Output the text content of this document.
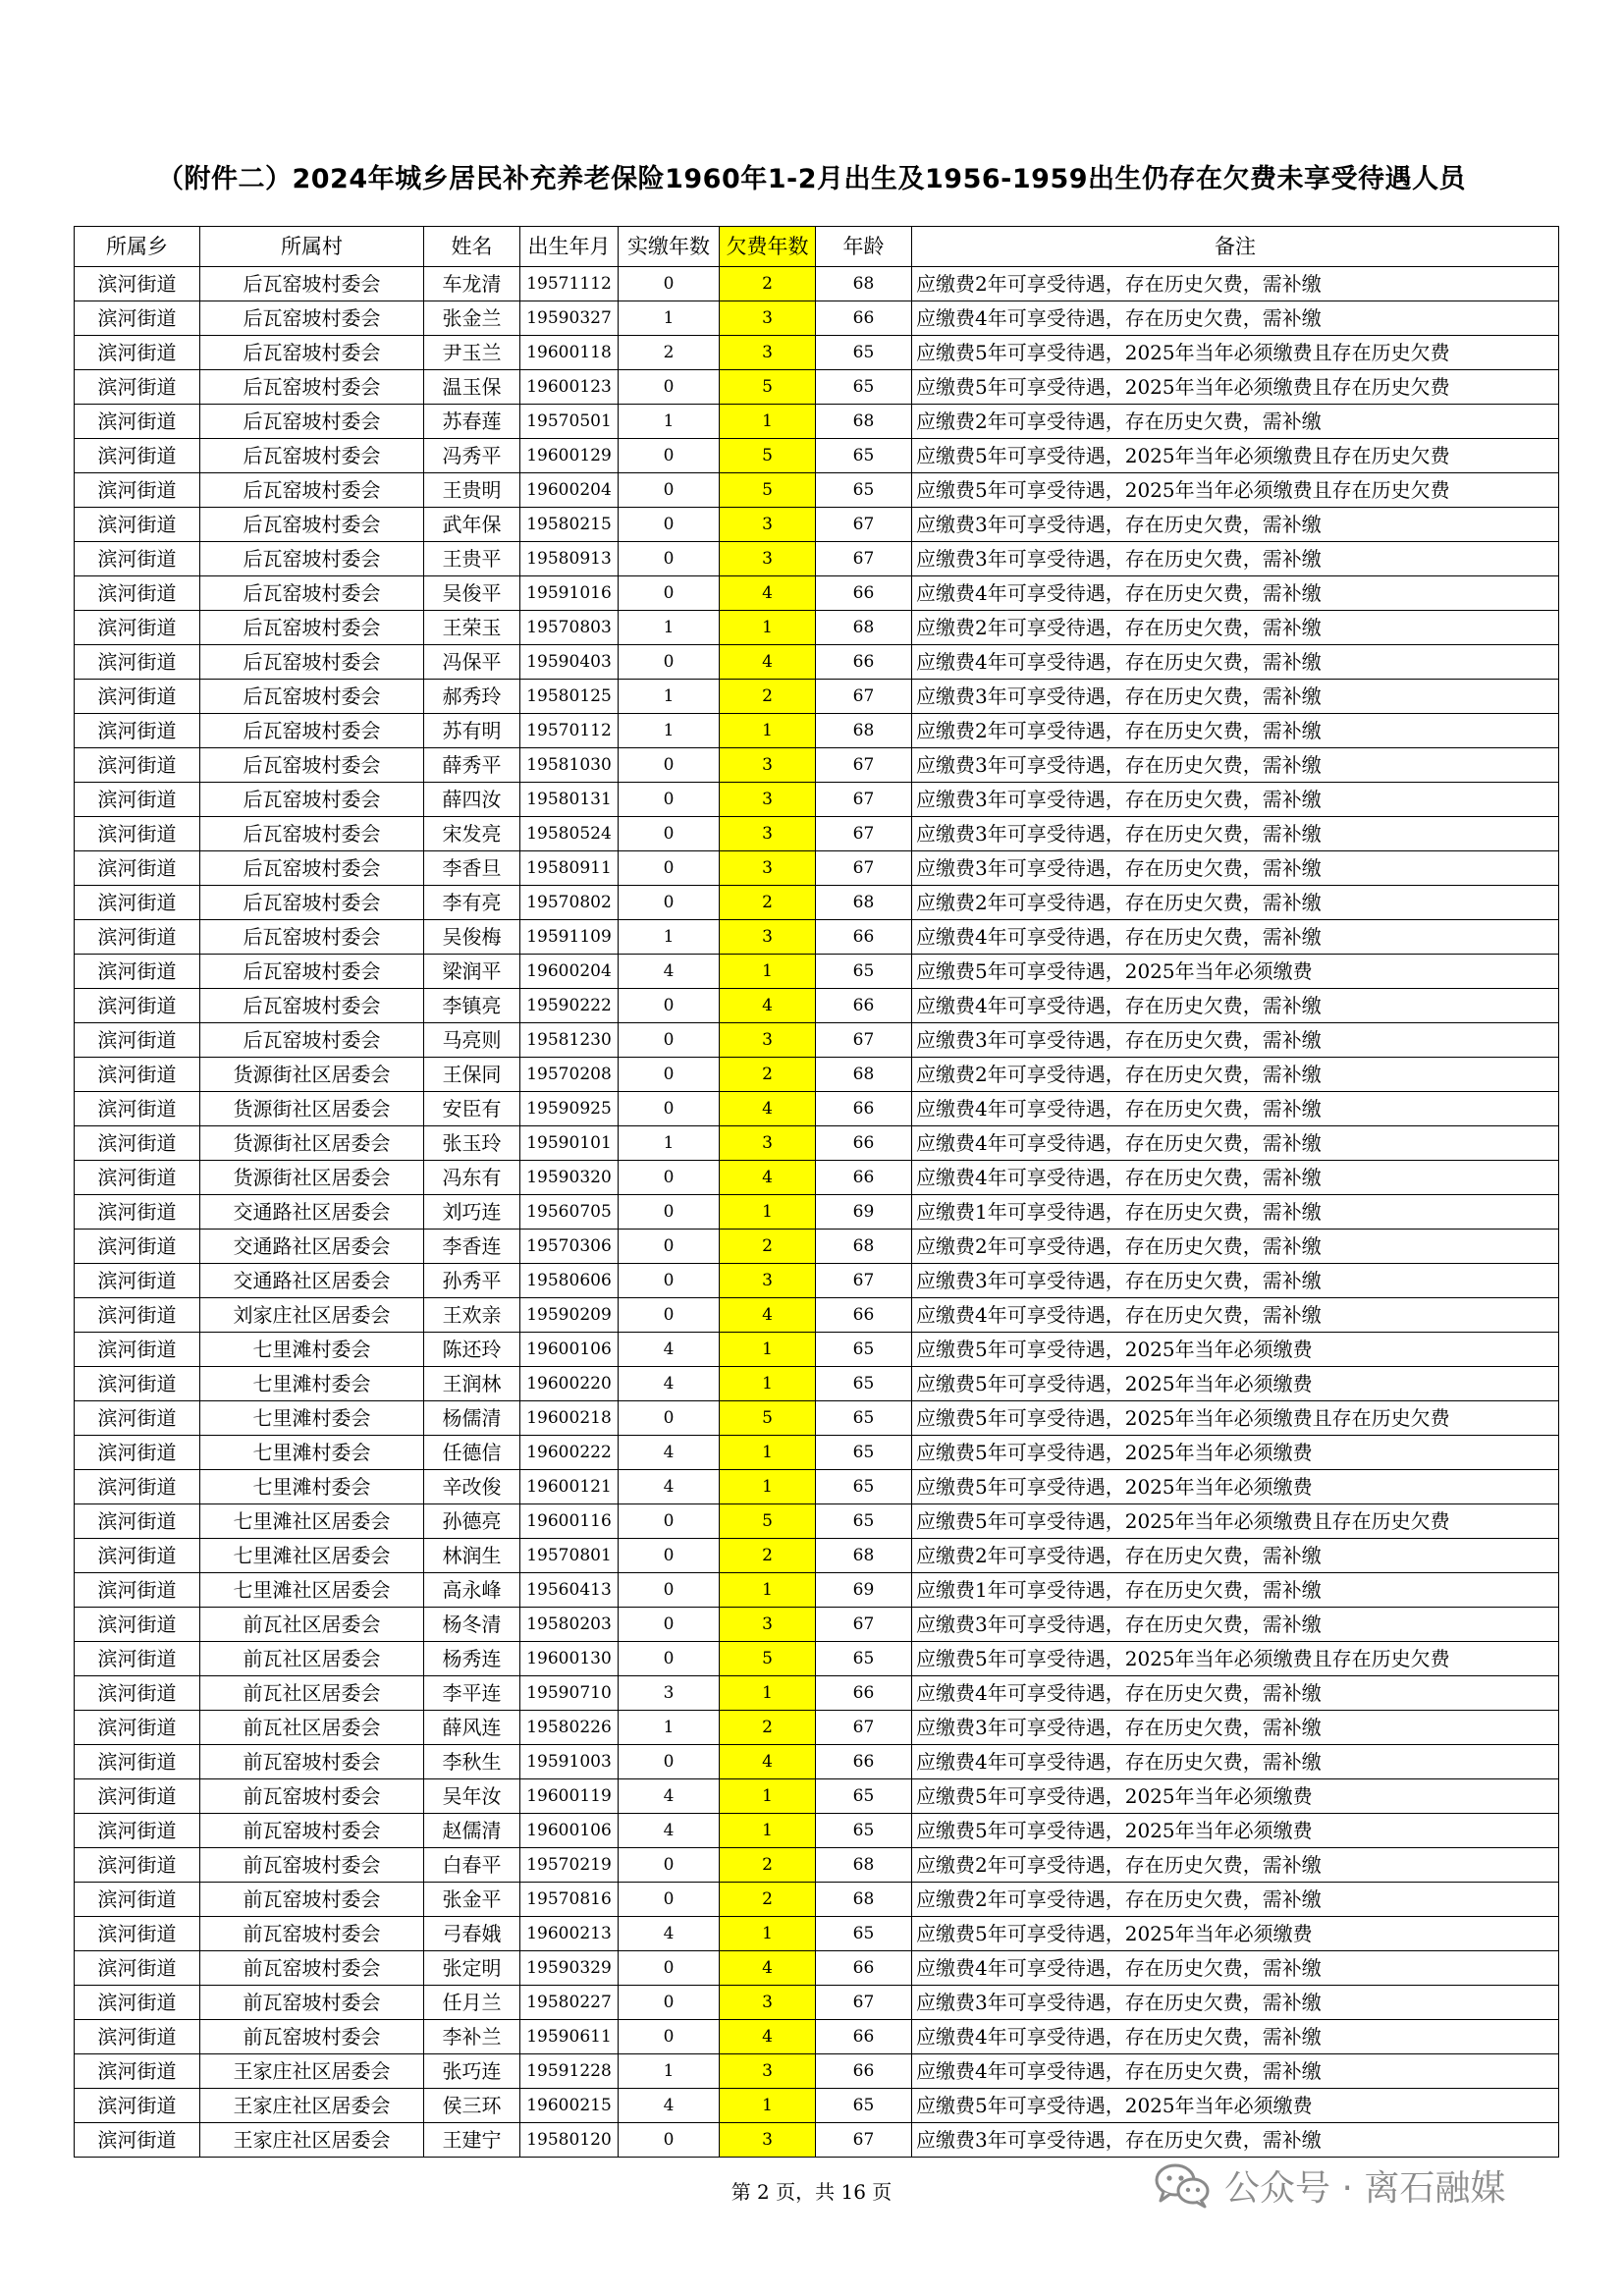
（附件二）2024年城乡居民补充养老保险1960年1-2月出生及1956-1959出生仍存在欠费未享受待遇人员
所属乡	所属村	姓名	出生年月	实缴年数	欠费年数	年龄	备注
滨河街道	后瓦窑坡村委会	车龙清	19571112	0	2	68	应缴费2年可享受待遇，存在历史欠费，需补缴
滨河街道	后瓦窑坡村委会	张金兰	19590327	1	3	66	应缴费4年可享受待遇，存在历史欠费，需补缴
滨河街道	后瓦窑坡村委会	尹玉兰	19600118	2	3	65	应缴费5年可享受待遇，2025年当年必须缴费且存在历史欠费
滨河街道	后瓦窑坡村委会	温玉保	19600123	0	5	65	应缴费5年可享受待遇，2025年当年必须缴费且存在历史欠费
滨河街道	后瓦窑坡村委会	苏春莲	19570501	1	1	68	应缴费2年可享受待遇，存在历史欠费，需补缴
滨河街道	后瓦窑坡村委会	冯秀平	19600129	0	5	65	应缴费5年可享受待遇，2025年当年必须缴费且存在历史欠费
滨河街道	后瓦窑坡村委会	王贵明	19600204	0	5	65	应缴费5年可享受待遇，2025年当年必须缴费且存在历史欠费
滨河街道	后瓦窑坡村委会	武年保	19580215	0	3	67	应缴费3年可享受待遇，存在历史欠费，需补缴
滨河街道	后瓦窑坡村委会	王贵平	19580913	0	3	67	应缴费3年可享受待遇，存在历史欠费，需补缴
滨河街道	后瓦窑坡村委会	吴俊平	19591016	0	4	66	应缴费4年可享受待遇，存在历史欠费，需补缴
滨河街道	后瓦窑坡村委会	王荣玉	19570803	1	1	68	应缴费2年可享受待遇，存在历史欠费，需补缴
滨河街道	后瓦窑坡村委会	冯保平	19590403	0	4	66	应缴费4年可享受待遇，存在历史欠费，需补缴
滨河街道	后瓦窑坡村委会	郝秀玲	19580125	1	2	67	应缴费3年可享受待遇，存在历史欠费，需补缴
滨河街道	后瓦窑坡村委会	苏有明	19570112	1	1	68	应缴费2年可享受待遇，存在历史欠费，需补缴
滨河街道	后瓦窑坡村委会	薛秀平	19581030	0	3	67	应缴费3年可享受待遇，存在历史欠费，需补缴
滨河街道	后瓦窑坡村委会	薛四汝	19580131	0	3	67	应缴费3年可享受待遇，存在历史欠费，需补缴
滨河街道	后瓦窑坡村委会	宋发亮	19580524	0	3	67	应缴费3年可享受待遇，存在历史欠费，需补缴
滨河街道	后瓦窑坡村委会	李香旦	19580911	0	3	67	应缴费3年可享受待遇，存在历史欠费，需补缴
滨河街道	后瓦窑坡村委会	李有亮	19570802	0	2	68	应缴费2年可享受待遇，存在历史欠费，需补缴
滨河街道	后瓦窑坡村委会	吴俊梅	19591109	1	3	66	应缴费4年可享受待遇，存在历史欠费，需补缴
滨河街道	后瓦窑坡村委会	梁润平	19600204	4	1	65	应缴费5年可享受待遇，2025年当年必须缴费
滨河街道	后瓦窑坡村委会	李镇亮	19590222	0	4	66	应缴费4年可享受待遇，存在历史欠费，需补缴
滨河街道	后瓦窑坡村委会	马亮则	19581230	0	3	67	应缴费3年可享受待遇，存在历史欠费，需补缴
滨河街道	货源街社区居委会	王保同	19570208	0	2	68	应缴费2年可享受待遇，存在历史欠费，需补缴
滨河街道	货源街社区居委会	安臣有	19590925	0	4	66	应缴费4年可享受待遇，存在历史欠费，需补缴
滨河街道	货源街社区居委会	张玉玲	19590101	1	3	66	应缴费4年可享受待遇，存在历史欠费，需补缴
滨河街道	货源街社区居委会	冯东有	19590320	0	4	66	应缴费4年可享受待遇，存在历史欠费，需补缴
滨河街道	交通路社区居委会	刘巧连	19560705	0	1	69	应缴费1年可享受待遇，存在历史欠费，需补缴
滨河街道	交通路社区居委会	李香连	19570306	0	2	68	应缴费2年可享受待遇，存在历史欠费，需补缴
滨河街道	交通路社区居委会	孙秀平	19580606	0	3	67	应缴费3年可享受待遇，存在历史欠费，需补缴
滨河街道	刘家庄社区居委会	王欢亲	19590209	0	4	66	应缴费4年可享受待遇，存在历史欠费，需补缴
滨河街道	七里滩村委会	陈还玲	19600106	4	1	65	应缴费5年可享受待遇，2025年当年必须缴费
滨河街道	七里滩村委会	王润林	19600220	4	1	65	应缴费5年可享受待遇，2025年当年必须缴费
滨河街道	七里滩村委会	杨儒清	19600218	0	5	65	应缴费5年可享受待遇，2025年当年必须缴费且存在历史欠费
滨河街道	七里滩村委会	任德信	19600222	4	1	65	应缴费5年可享受待遇，2025年当年必须缴费
滨河街道	七里滩村委会	辛改俊	19600121	4	1	65	应缴费5年可享受待遇，2025年当年必须缴费
滨河街道	七里滩社区居委会	孙德亮	19600116	0	5	65	应缴费5年可享受待遇，2025年当年必须缴费且存在历史欠费
滨河街道	七里滩社区居委会	林润生	19570801	0	2	68	应缴费2年可享受待遇，存在历史欠费，需补缴
滨河街道	七里滩社区居委会	高永峰	19560413	0	1	69	应缴费1年可享受待遇，存在历史欠费，需补缴
滨河街道	前瓦社区居委会	杨冬清	19580203	0	3	67	应缴费3年可享受待遇，存在历史欠费，需补缴
滨河街道	前瓦社区居委会	杨秀连	19600130	0	5	65	应缴费5年可享受待遇，2025年当年必须缴费且存在历史欠费
滨河街道	前瓦社区居委会	李平连	19590710	3	1	66	应缴费4年可享受待遇，存在历史欠费，需补缴
滨河街道	前瓦社区居委会	薛风连	19580226	1	2	67	应缴费3年可享受待遇，存在历史欠费，需补缴
滨河街道	前瓦窑坡村委会	李秋生	19591003	0	4	66	应缴费4年可享受待遇，存在历史欠费，需补缴
滨河街道	前瓦窑坡村委会	吴年汝	19600119	4	1	65	应缴费5年可享受待遇，2025年当年必须缴费
滨河街道	前瓦窑坡村委会	赵儒清	19600106	4	1	65	应缴费5年可享受待遇，2025年当年必须缴费
滨河街道	前瓦窑坡村委会	白春平	19570219	0	2	68	应缴费2年可享受待遇，存在历史欠费，需补缴
滨河街道	前瓦窑坡村委会	张金平	19570816	0	2	68	应缴费2年可享受待遇，存在历史欠费，需补缴
滨河街道	前瓦窑坡村委会	弓春娥	19600213	4	1	65	应缴费5年可享受待遇，2025年当年必须缴费
滨河街道	前瓦窑坡村委会	张定明	19590329	0	4	66	应缴费4年可享受待遇，存在历史欠费，需补缴
滨河街道	前瓦窑坡村委会	任月兰	19580227	0	3	67	应缴费3年可享受待遇，存在历史欠费，需补缴
滨河街道	前瓦窑坡村委会	李补兰	19590611	0	4	66	应缴费4年可享受待遇，存在历史欠费，需补缴
滨河街道	王家庄社区居委会	张巧连	19591228	1	3	66	应缴费4年可享受待遇，存在历史欠费，需补缴
滨河街道	王家庄社区居委会	侯三环	19600215	4	1	65	应缴费5年可享受待遇，2025年当年必须缴费
滨河街道	王家庄社区居委会	王建宁	19580120	0	3	67	应缴费3年可享受待遇，存在历史欠费，需补缴
第 2 页，共 16 页	公众号 · 离石融媒
